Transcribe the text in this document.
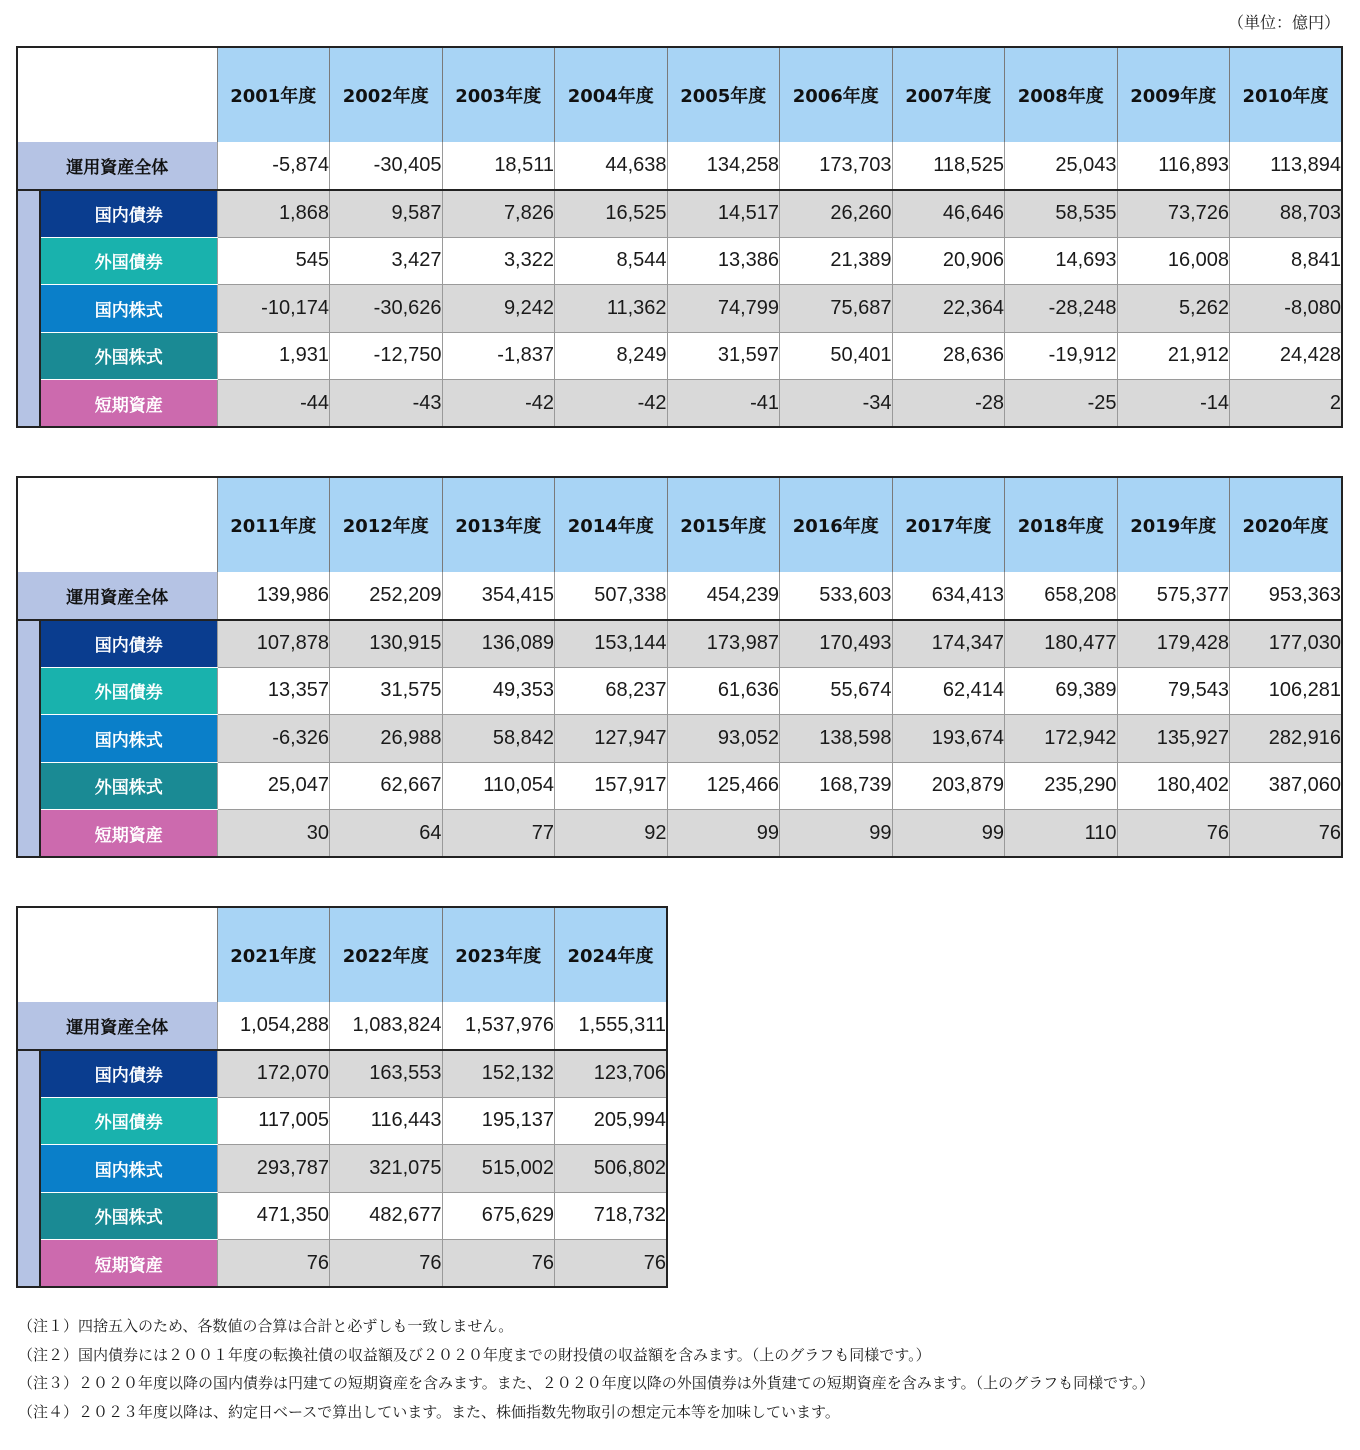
（単位：億円）
		2001年度	2002年度	2003年度	2004年度	2005年度	2006年度	2007年度	2008年度	2009年度	2010年度
運用資産全体		-5,874	-30,405	18,511	44,638	134,258	173,703	118,525	25,043	116,893	113,894
	国内債券	1,868	9,587	7,826	16,525	14,517	26,260	46,646	58,535	73,726	88,703
	外国債券	545	3,427	3,322	8,544	13,386	21,389	20,906	14,693	16,008	8,841
	国内株式	-10,174	-30,626	9,242	11,362	74,799	75,687	22,364	-28,248	5,262	-8,080
	外国株式	1,931	-12,750	-1,837	8,249	31,597	50,401	28,636	-19,912	21,912	24,428
	短期資産	-44	-43	-42	-42	-41	-34	-28	-25	-14	2
		2011年度	2012年度	2013年度	2014年度	2015年度	2016年度	2017年度	2018年度	2019年度	2020年度
運用資産全体		139,986	252,209	354,415	507,338	454,239	533,603	634,413	658,208	575,377	953,363
	国内債券	107,878	130,915	136,089	153,144	173,987	170,493	174,347	180,477	179,428	177,030
	外国債券	13,357	31,575	49,353	68,237	61,636	55,674	62,414	69,389	79,543	106,281
	国内株式	-6,326	26,988	58,842	127,947	93,052	138,598	193,674	172,942	135,927	282,916
	外国株式	25,047	62,667	110,054	157,917	125,466	168,739	203,879	235,290	180,402	387,060
	短期資産	30	64	77	92	99	99	99	110	76	76
		2021年度	2022年度	2023年度	2024年度
運用資産全体		1,054,288	1,083,824	1,537,976	1,555,311
	国内債券	172,070	163,553	152,132	123,706
	外国債券	117,005	116,443	195,137	205,994
	国内株式	293,787	321,075	515,002	506,802
	外国株式	471,350	482,677	675,629	718,732
	短期資産	76	76	76	76
（注１）四捨五入のため、各数値の合算は合計と必ずしも一致しません。
（注２）国内債券には２００１年度の転換社債の収益額及び２０２０年度までの財投債の収益額を含みます。（上のグラフも同様です。）
（注３）２０２０年度以降の国内債券は円建ての短期資産を含みます。また、２０２０年度以降の外国債券は外貨建ての短期資産を含みます。（上のグラフも同様です。）
（注４）２０２３年度以降は、約定日ベースで算出しています。また、株価指数先物取引の想定元本等を加味しています。
